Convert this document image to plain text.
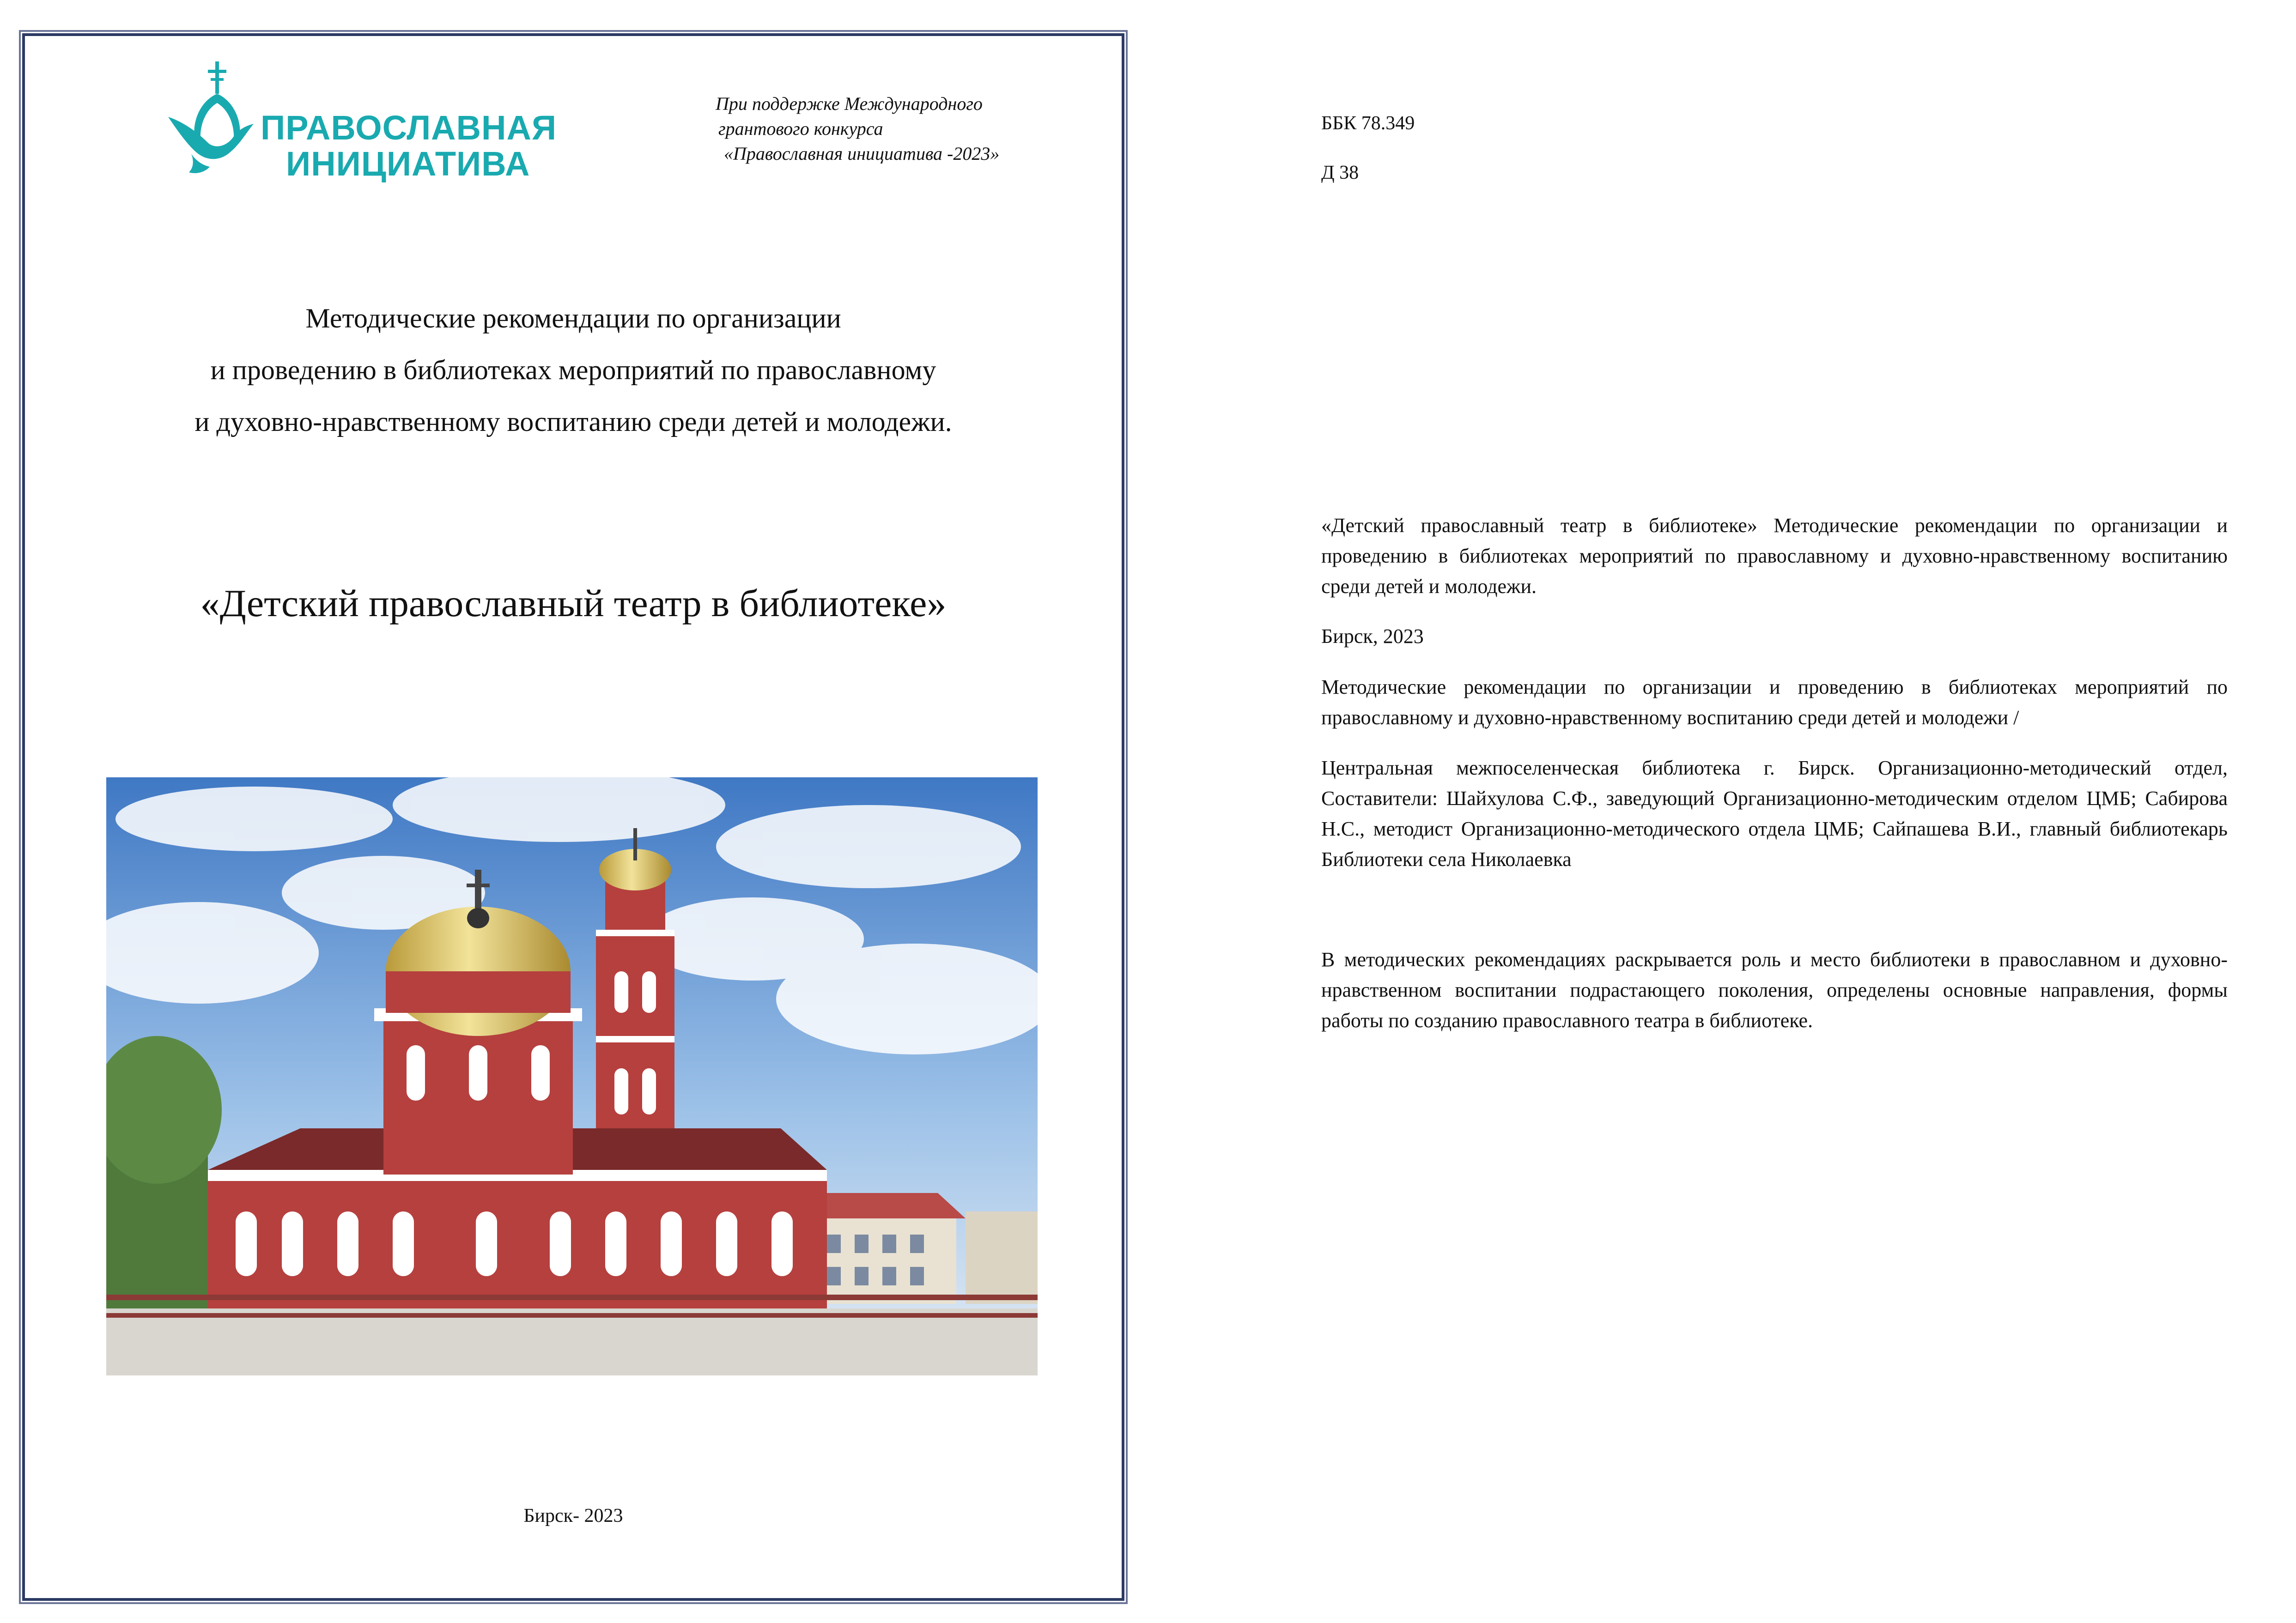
ПРАВОСЛАВНАЯ
ИНИЦИАТИВА
При поддержке Международного
грантового конкурса
«Православная инициатива -2023»
Методические рекомендации по организации
и проведению в библиотеках мероприятий по православному
и духовно-нравственному воспитанию среди детей и молодежи.
«Детский православный театр в библиотеке»
Бирск- 2023
ББК 78.349
Д 38
«Детский православный театр в библиотеке» Методические рекомендации по организации и проведению в библиотеках мероприятий по православному и духовно-нравственному воспитанию среди детей и молодежи.
Бирск, 2023
Методические рекомендации по организации и проведению в библиотеках мероприятий по православному и духовно-нравственному воспитанию среди детей и молодежи /
Центральная межпоселенческая библиотека г. Бирск. Организационно-методический отдел, Составители: Шайхулова С.Ф., заведующий Организационно-методическим отделом ЦМБ; Сабирова Н.С., методист Организационно-методического отдела ЦМБ; Сайпашева В.И., главный библиотекарь Библиотеки села Николаевка
В методических рекомендациях раскрывается роль и место библиотеки в православном и духовно-нравственном воспитании подрастающего поколения, определены основные направления, формы работы по созданию православного театра в библиотеке.
